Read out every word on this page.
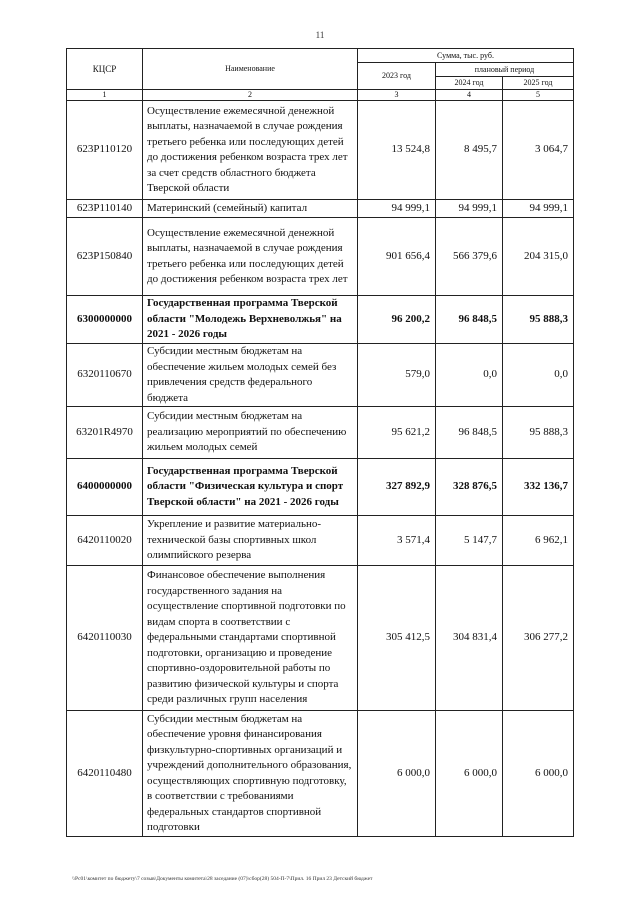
11
КЦСР	Наименование	Сумма, тыс. руб.		
		2023 год	плановый период	
			2024 год	2025 год
1	2	3	4	5
623P110120	Осуществление ежемесячной денежной выплаты, назначаемой в случае рождения третьего ребенка или последующих детей до достижения ребенком возраста трех лет за счет средств областного бюджета Тверской области	13 524,8	8 495,7	3 064,7
623P110140	Материнский (семейный) капитал	94 999,1	94 999,1	94 999,1
623P150840	Осуществление ежемесячной денежной выплаты, назначаемой в случае рождения третьего ребенка или последующих детей до достижения ребенком возраста трех лет	901 656,4	566 379,6	204 315,0
6300000000	Государственная программа Тверской области "Молодежь Верхневолжья" на 2021 - 2026 годы	96 200,2	96 848,5	95 888,3
6320110670	Субсидии местным бюджетам на обеспечение жильем молодых семей без привлечения средств федерального бюджета	579,0	0,0	0,0
63201R4970	Субсидии местным бюджетам на реализацию мероприятий по обеспечению жильем молодых семей	95 621,2	96 848,5	95 888,3
6400000000	Государственная программа Тверской области "Физическая культура и спорт Тверской области" на 2021 - 2026 годы	327 892,9	328 876,5	332 136,7
6420110020	Укрепление и развитие материально-технической базы спортивных школ олимпийского резерва	3 571,4	5 147,7	6 962,1
6420110030	Финансовое обеспечение выполнения государственного задания на осуществление спортивной подготовки по видам спорта в соответствии с федеральными стандартами спортивной подготовки, организацию и проведение спортивно-оздоровительной работы по развитию физической культуры и спорта среди различных групп населения	305 412,5	304 831,4	306 277,2
6420110480	Субсидии местным бюджетам на обеспечение уровня финансирования физкультурно-спортивных организаций и учреждений дополнительного образования, осуществляющих спортивную подготовку, в соответствии с требованиями федеральных стандартов спортивной подготовки	6 000,0	6 000,0	6 000,0
\\Pc01\комитет по бюджету\7 созыв\Документы комитета\28 заседание (07)\сбор(28) 504-П-7\Прил. 16 Прил 23 Детский бюджет
